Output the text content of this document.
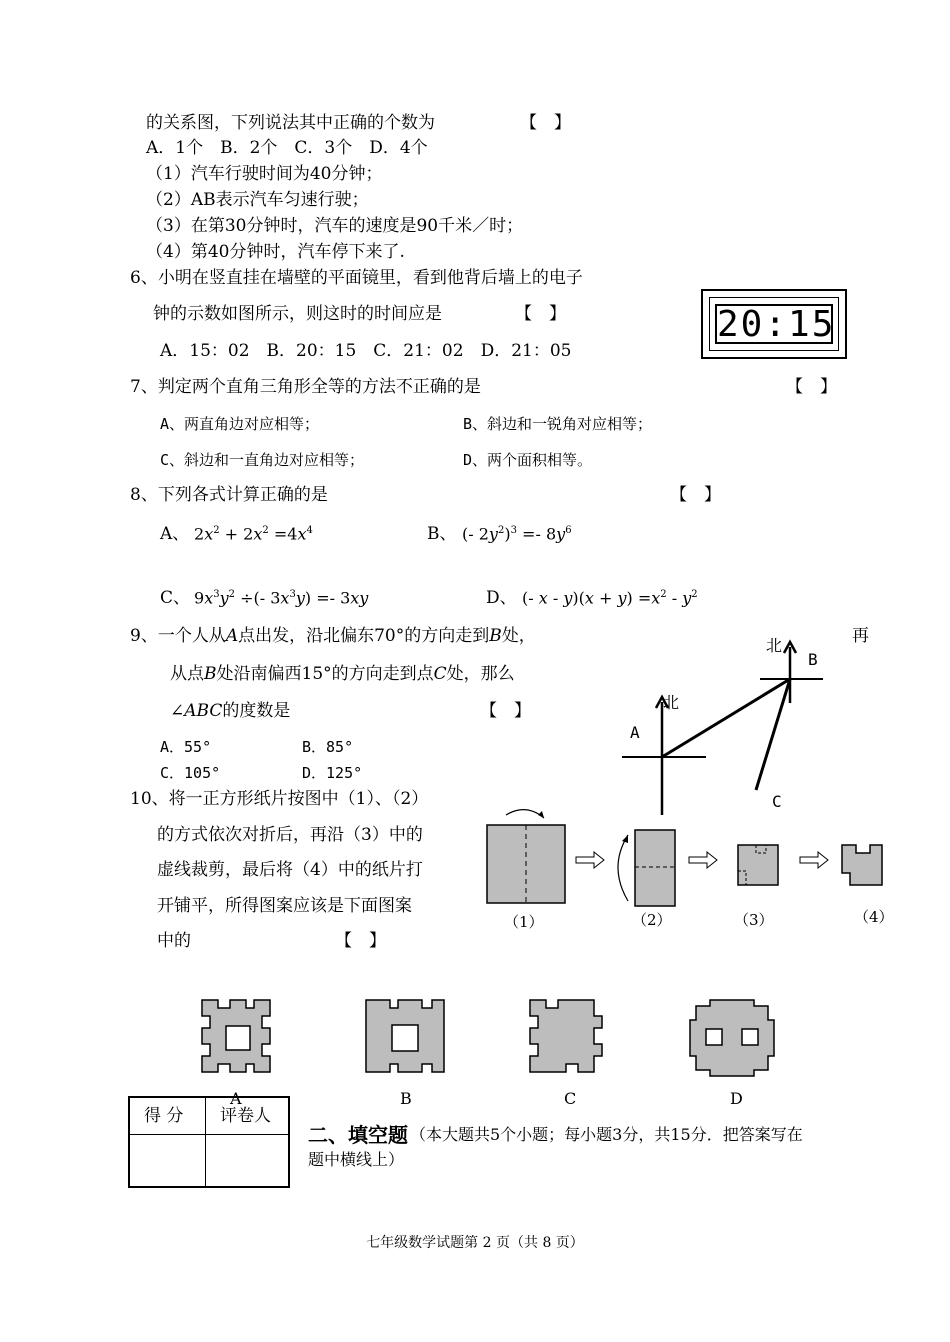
的关系图，下列说法其中正确的个数为	【　】
A．1个　B．2个　C．3个　D．4个
（1）汽车行驶时间为40分钟；
（2）AB表示汽车匀速行驶；
（3）在第30分钟时，汽车的速度是90千米／时；
（4）第40分钟时，汽车停下来了.
6、小明在竖直挂在墙壁的平面镜里，看到他背后墙上的电子
钟的示数如图所示，则这时的时间应是	【　】
A．15：02　B．20：15　C．21：02　D．21：05
20:15
7、判定两个直角三角形全等的方法不正确的是	【　】
A、两直角边对应相等；	B、斜边和一锐角对应相等；
C、斜边和一直角边对应相等；	D、两个面积相等。
8、下列各式计算正确的是	【　】
A、 $2x^2 + 2x^2 =4x^4$	B、 (- $2y^2)^3 =- 8y^6$
C、 $9x^3y^2$ ÷(- $3x^3y) =- 3xy$	D、 (- $x - y)(x + y) =x^2 - y^2$
9、一个人从A点出发，沿北偏东70°的方向走到B处，	再
从点B处沿南偏西15°的方向走到点C处，那么
∠ABC的度数是	【　】
A．55°	B．85°
C．105°	D．125°
北
北
A
B
C
10、将一正方形纸片按图中（1）、（2）
的方式依次对折后，再沿（3）中的
虚线裁剪，最后将（4）中的纸片打
开铺平，所得图案应该是下面图案
中的	【　】
（1）	（2）	（3）	（4）
A	B	C	D
得 分 评卷人
二、填空题 （本大题共5个小题；每小题3分，共15分．把答案写在
题中横线上）
七年级数学试题第 2 页（共 8 页）
